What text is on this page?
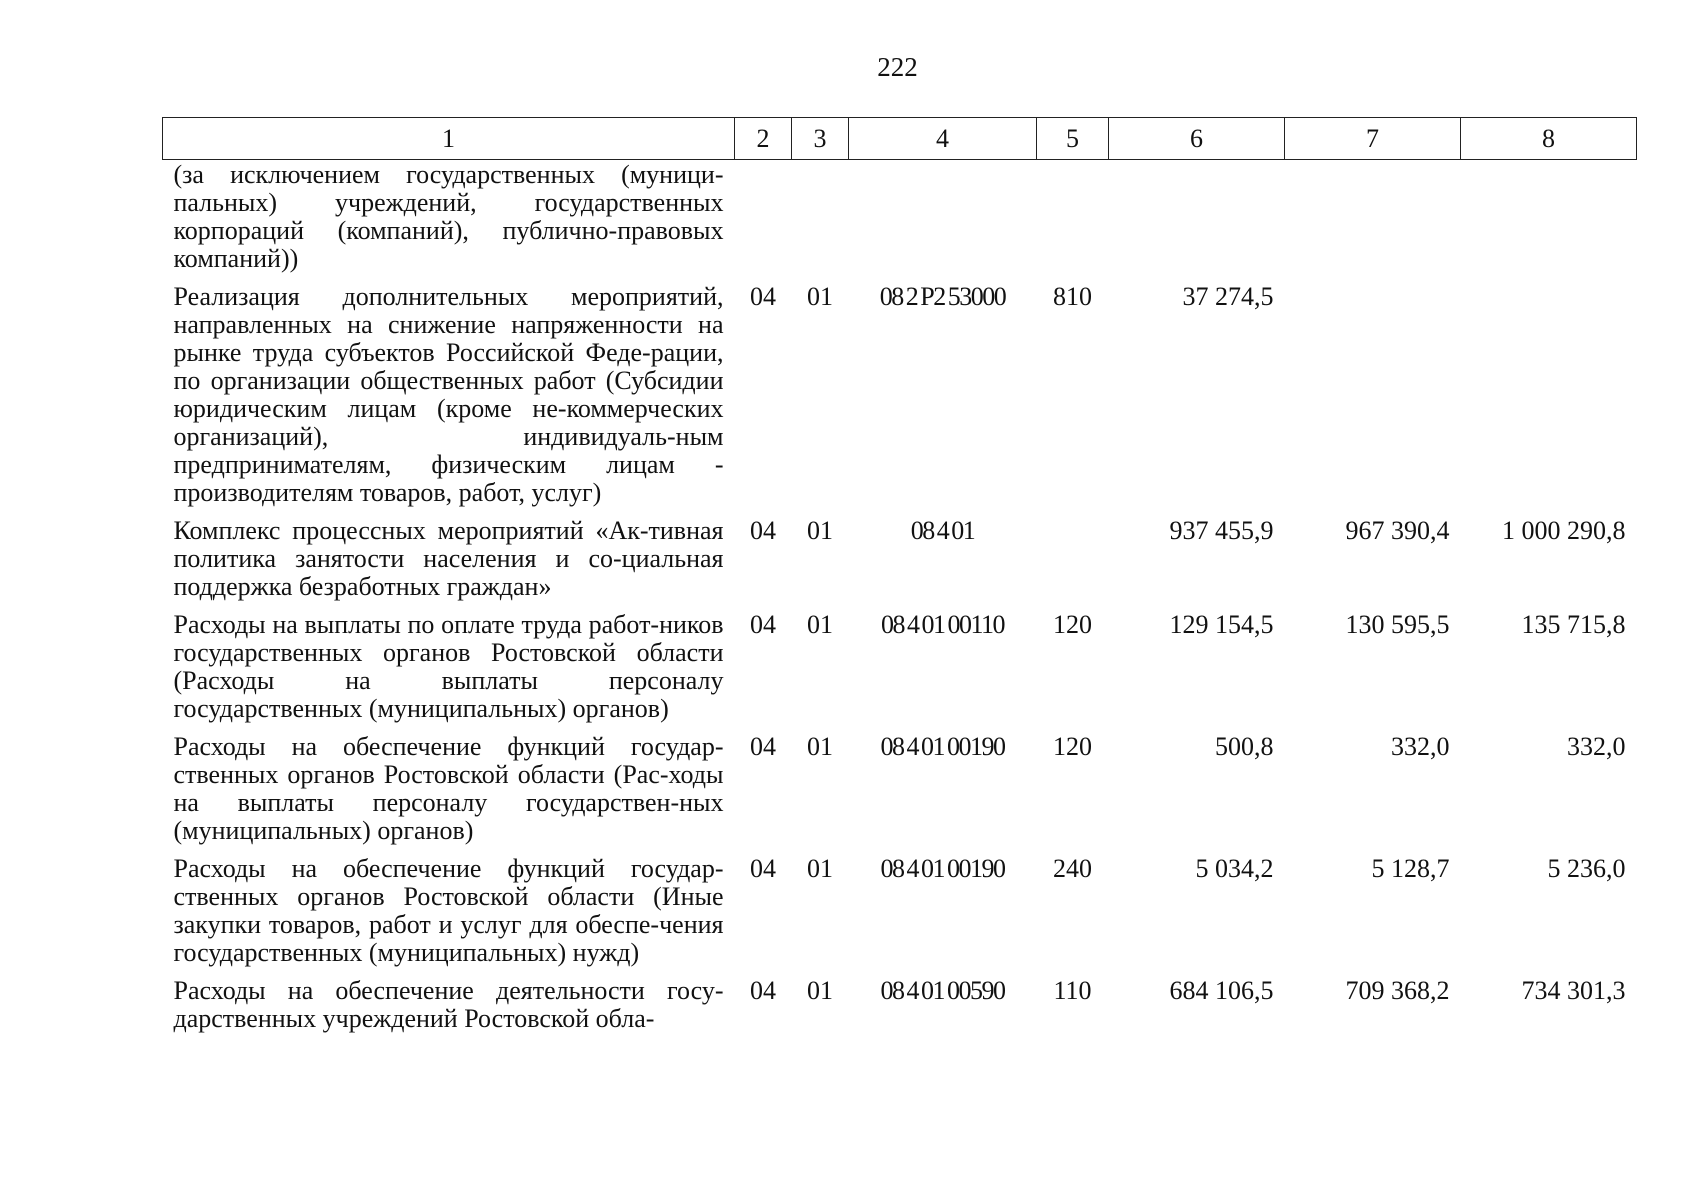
222
1	2	3	4	5	6	7	8
(за исключением государственных (муници-пальных) учреждений, государственных корпораций (компаний), публично-правовых компаний))							
Реализация дополнительных мероприятий, направленных на снижение напряженности на рынке труда субъектов Российской Феде-рации, по организации общественных работ (Субсидии юридическим лицам (кроме не-коммерческих организаций), индивидуаль-ным предпринимателям, физическим лицам - производителям товаров, работ, услуг)	04	01	08 2 Р2 53000	810	37 274,5		
Комплекс процессных мероприятий «Ак-тивная политика занятости населения и со-циальная поддержка безработных граждан»	04	01	08 4 01		937 455,9	967 390,4	1 000 290,8
Расходы на выплаты по оплате труда работ-ников государственных органов Ростовской области (Расходы на выплаты персоналу государственных (муниципальных) органов)	04	01	08 4 01 00110	120	129 154,5	130 595,5	135 715,8
Расходы на обеспечение функций государ-ственных органов Ростовской области (Рас-ходы на выплаты персоналу государствен-ных (муниципальных) органов)	04	01	08 4 01 00190	120	500,8	332,0	332,0
Расходы на обеспечение функций государ-ственных органов Ростовской области (Иные закупки товаров, работ и услуг для обеспе-чения государственных (муниципальных) нужд)	04	01	08 4 01 00190	240	5 034,2	5 128,7	5 236,0
Расходы на обеспечение деятельности госу-дарственных учреждений Ростовской обла-	04	01	08 4 01 00590	110	684 106,5	709 368,2	734 301,3
